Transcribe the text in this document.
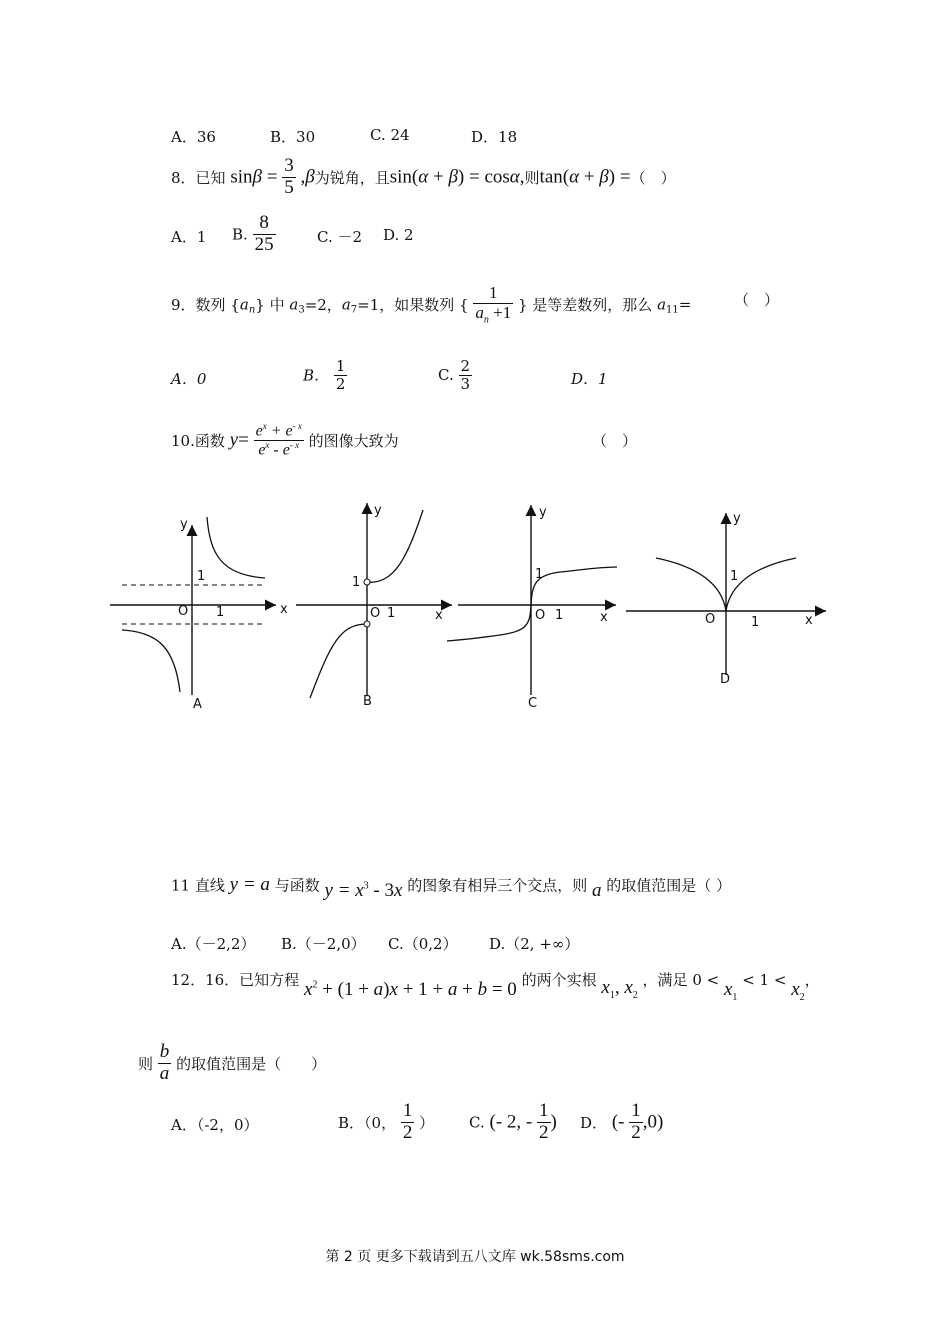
A．36	B．30	C. 24	D．18
8．已知 $\sin\beta = \frac{3}{5} ,\beta$为锐角，且sin(α + β) = cosα,则tan(α + β) =（　）
A．1 B. $\frac{8}{25}$	C. －2 D. 2
9．数列 $\{a_n\}$ 中 $a_3=2$，$a_7=1$，如果数列 { $\frac{1}{a_n +1}$ } 是等差数列，那么 $a_{11}=$	（　）
A．0	B． $\frac{1}{2}$	C. $\frac{2}{3}$	D．1
10.函数 $y= \frac{e^x + e^{- x}}{e^x - e^{- x}}$ 的图像大致为	（　）
y
1
O 1	x
A
y
1
O 1	x
B
y
1
O 1	x
C
y
1
O	1	x
D
11 直线 y = a 与函数 $y = x^3 - 3x$ 的图象有相异三个交点，则 a 的取值范围是（ ）
A.（－2,2） B.（－2,0） C.（0,2） D.（2, +∞）
12．16．已知方程 $x^2 + (1 + a)x + 1 + a + b = 0$ 的两个实根 $x_1$, $x_2$ ，满足 $0 < x_1 < 1 < x_2$，
则 $\frac{b}{a}$ 的取值范围是（　　）
A．（-2，0）	B．（0， $\frac{1}{2}$ ） C. (- 2, - $\frac{1}{2}$ ) D． (- $\frac{1}{2} ,0$)
第 2 页 更多下载请到五八文库 wk.58sms.com
